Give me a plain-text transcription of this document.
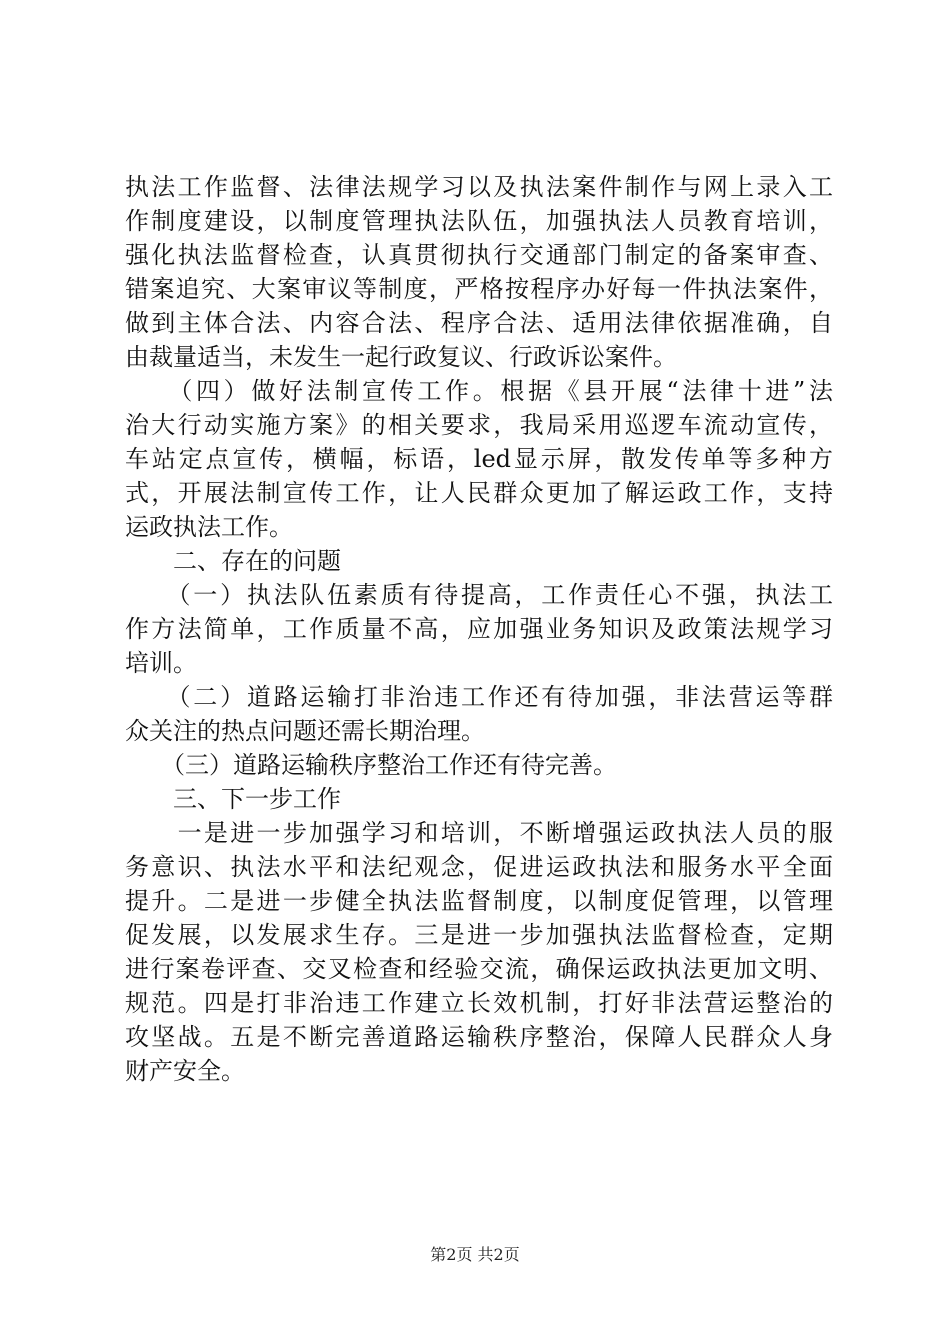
执法工作监督、法律法规学习以及执法案件制作与网上录入工
作制度建设，以制度管理执法队伍，加强执法人员教育培训，
强化执法监督检查，认真贯彻执行交通部门制定的备案审查、
错案追究、大案审议等制度，严格按程序办好每一件执法案件，
做到主体合法、内容合法、程序合法、适用法律依据准确，自
由裁量适当，未发生一起行政复议、行政诉讼案件。

　　（四）做好法制宣传工作。根据《县开展“法律十进”法
治大行动实施方案》的相关要求，我局采用巡逻车流动宣传，
车站定点宣传，横幅，标语，led显示屏，散发传单等多种方
式，开展法制宣传工作，让人民群众更加了解运政工作，支持
运政执法工作。

　　二、存在的问题

　　（一）执法队伍素质有待提高，工作责任心不强，执法工
作方法简单，工作质量不高，应加强业务知识及政策法规学习
培训。

　　（二）道路运输打非治违工作还有待加强，非法营运等群
众关注的热点问题还需长期治理。

　　（三）道路运输秩序整治工作还有待完善。

　　三、下一步工作

　　一是进一步加强学习和培训，不断增强运政执法人员的服
务意识、执法水平和法纪观念，促进运政执法和服务水平全面
提升。二是进一步健全执法监督制度，以制度促管理，以管理
促发展，以发展求生存。三是进一步加强执法监督检查，定期
进行案卷评查、交叉检查和经验交流，确保运政执法更加文明、
规范。四是打非治违工作建立长效机制，打好非法营运整治的
攻坚战。五是不断完善道路运输秩序整治，保障人民群众人身
财产安全。

第2页 共2页
